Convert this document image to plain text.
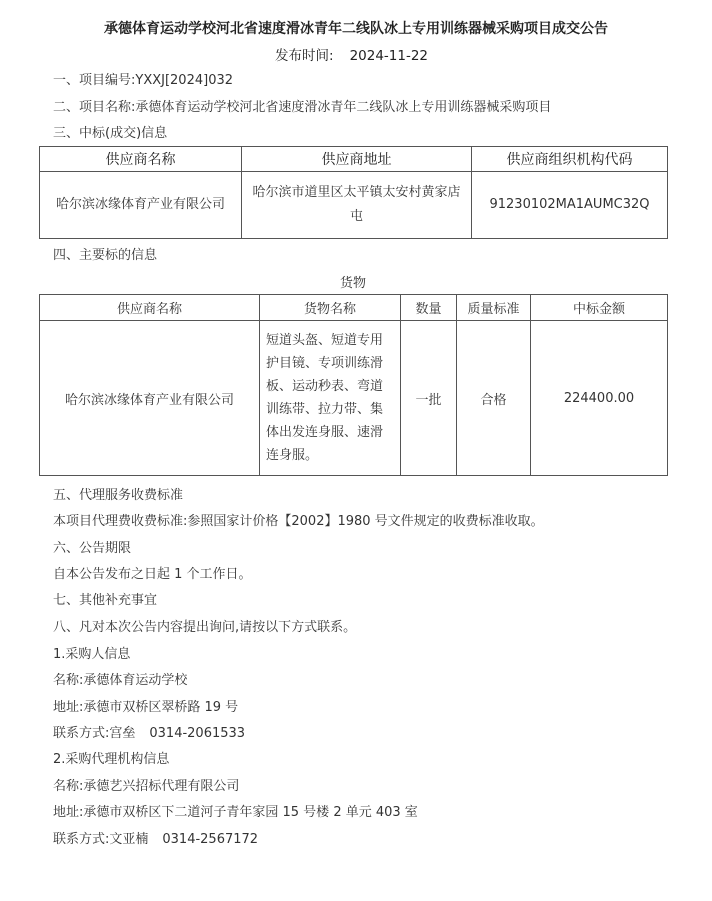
承德体育运动学校河北省速度滑冰青年二线队冰上专用训练器械采购项目成交公告
发布时间: 2024-11-22
一、项目编号:YXXJ[2024]032
二、项目名称:承德体育运动学校河北省速度滑冰青年二线队冰上专用训练器械采购项目
三、中标(成交)信息
供应商名称	供应商地址	供应商组织机构代码
哈尔滨冰缘体育产业有限公司	哈尔滨市道里区太平镇太安村黄家店屯	91230102MA1AUMC32Q
四、主要标的信息
货物
供应商名称	货物名称	数量	质量标准	中标金额
哈尔滨冰缘体育产业有限公司	短道头盔、短道专用护目镜、专项训练滑板、运动秒表、弯道训练带、拉力带、集体出发连身服、速滑连身服。	一批	合格	224400.00
五、代理服务收费标准
本项目代理费收费标准:参照国家计价格【2002】1980 号文件规定的收费标准收取。
六、公告期限
自本公告发布之日起 1 个工作日。
七、其他补充事宜
八、凡对本次公告内容提出询问,请按以下方式联系。
1.采购人信息
名称:承德体育运动学校
地址:承德市双桥区翠桥路 19 号
联系方式:宫垒 0314-2061533
2.采购代理机构信息
名称:承德艺兴招标代理有限公司
地址:承德市双桥区下二道河子青年家园 15 号楼 2 单元 403 室
联系方式:文亚楠 0314-2567172
